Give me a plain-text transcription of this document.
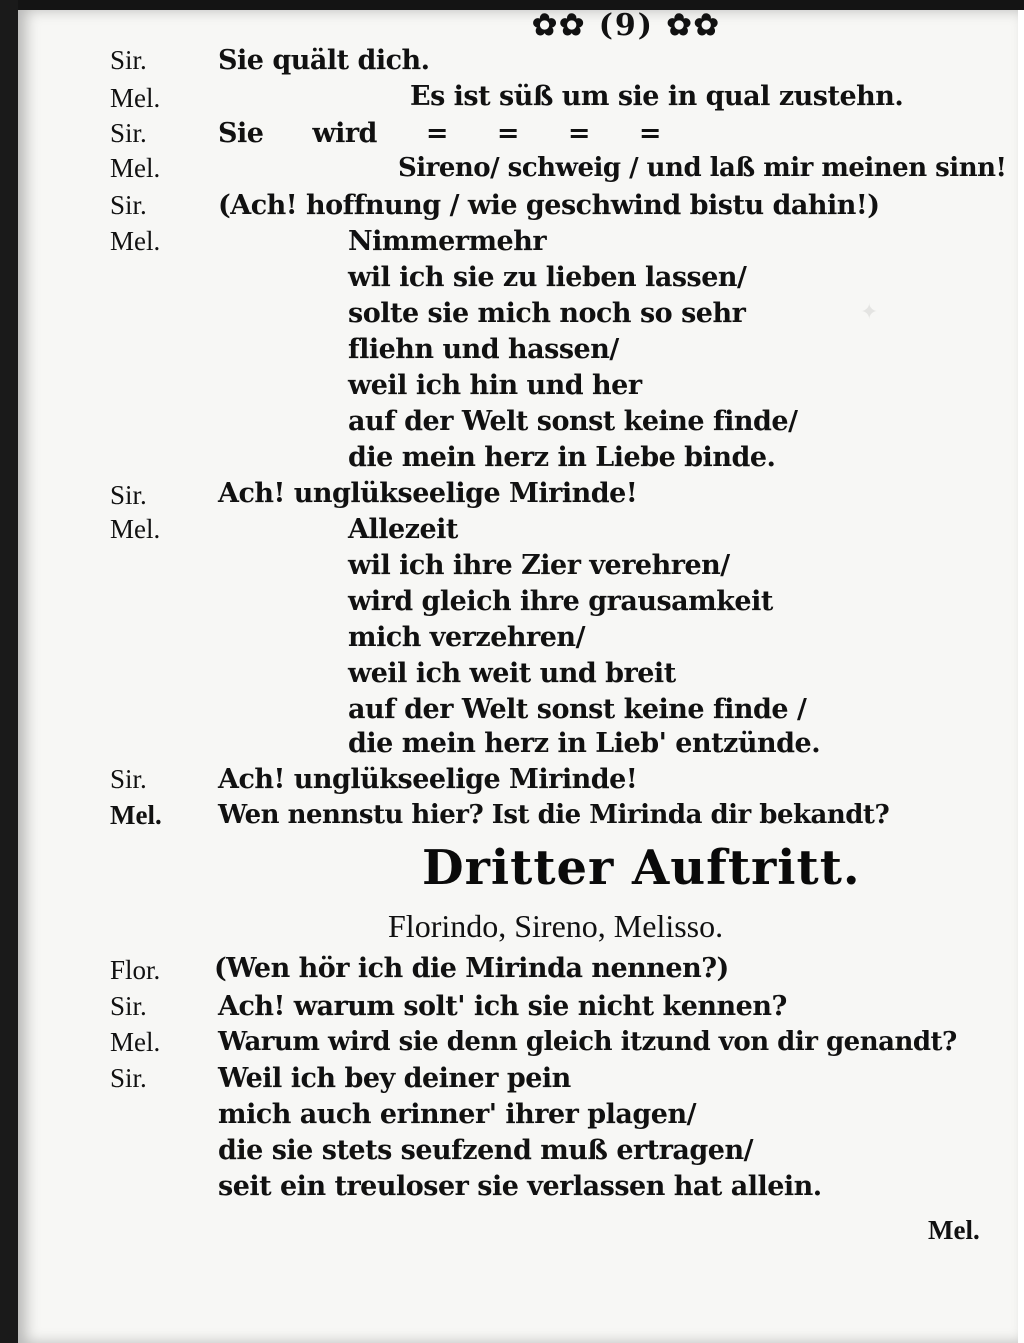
✦
✿✿ (9) ✿✿
Sir.	Sie quält dich.
Mel.	Es ist süß um sie in qual zustehn.
Sir.	Sie wird = = = =
Mel.	Sireno/ schweig / und laß mir meinen sinn!
Sir.	(Ach! hoffnung / wie geschwind bistu dahin!)
Mel.	Nimmermehr
wil ich sie zu lieben lassen/
solte sie mich noch so sehr
fliehn und hassen/
weil ich hin und her
auf der Welt sonst keine finde/
die mein herz in Liebe binde.
Sir.	Ach! unglükseelige Mirinde!
Mel.	Allezeit
wil ich ihre Zier verehren/
wird gleich ihre grausamkeit
mich verzehren/
weil ich weit und breit
auf der Welt sonst keine finde /
die mein herz in Lieb' entzünde.
Sir.	Ach! unglükseelige Mirinde!
Mel. Wen nennstu hier? Ist die Mirinda dir bekandt?
Dritter Auftritt.
Florindo, Sireno, Melisso.
Flor. (Wen hör ich die Mirinda nennen?)
Sir.	Ach! warum solt' ich sie nicht kennen?
Mel. Warum wird sie denn gleich itzund von dir genandt?
Sir.	Weil ich bey deiner pein
mich auch erinner' ihrer plagen/
die sie stets seufzend muß ertragen/
seit ein treuloser sie verlassen hat allein.
Mel.
